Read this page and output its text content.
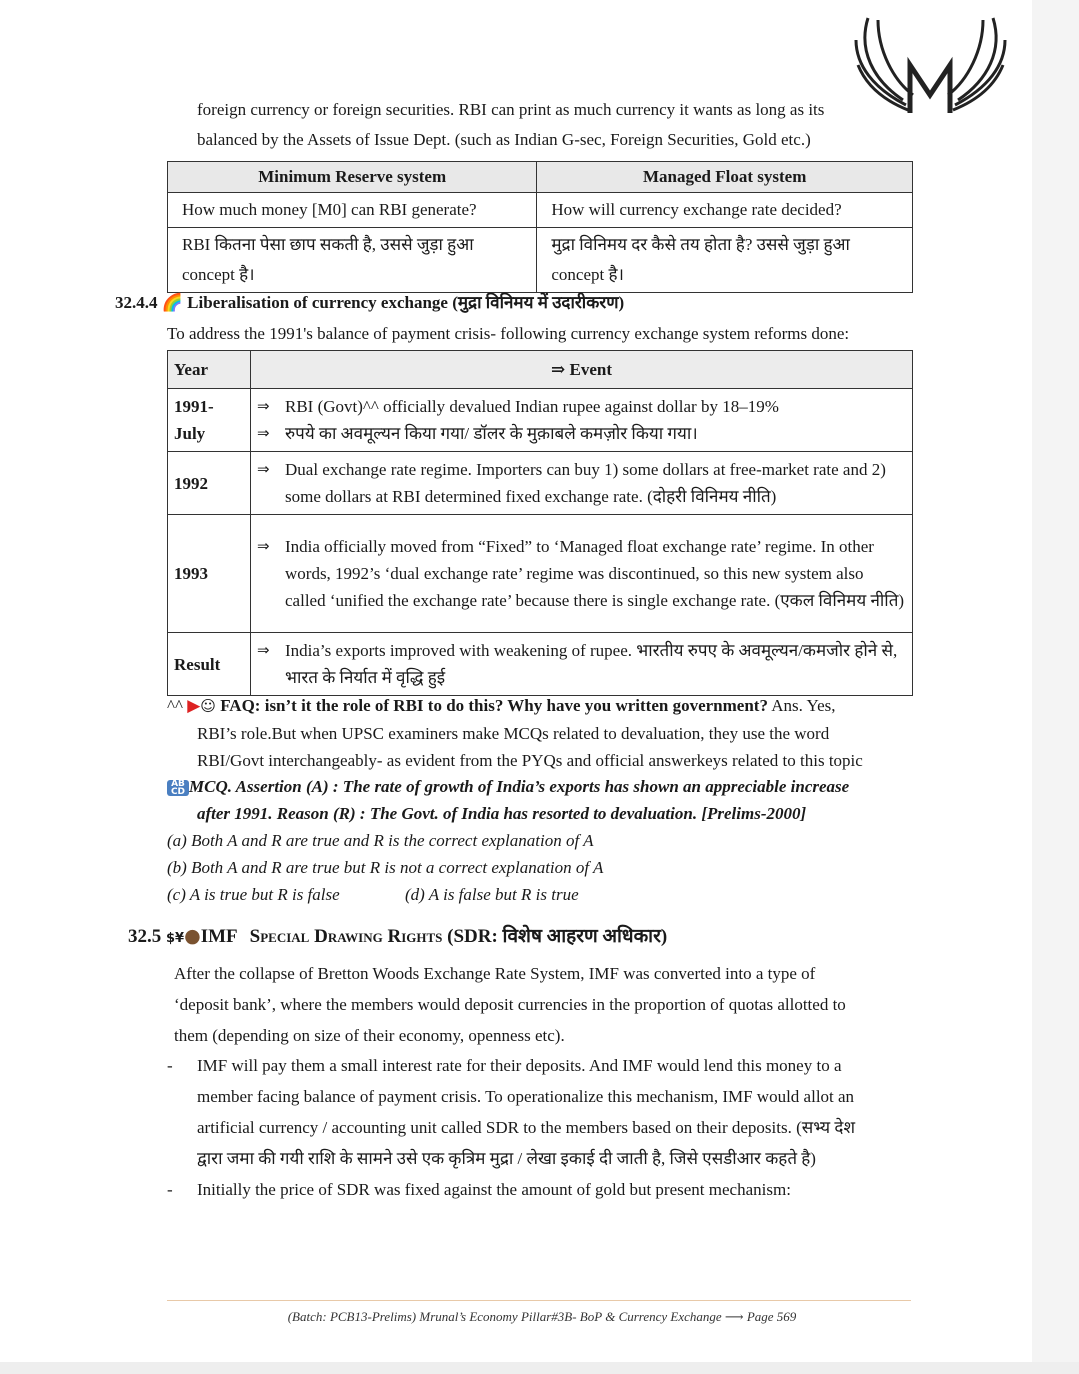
foreign currency or foreign securities. RBI can print as much currency it wants as long as its
balanced by the Assets of Issue Dept. (such as Indian G-sec, Foreign Securities, Gold etc.)
Minimum Reserve system	Managed Float system
How much money [M0] can RBI generate?	How will currency exchange rate decided?
RBI कितना पेसा छाप सकती है, उससे जुड़ा हुआ concept है।	मुद्रा विनिमय दर कैसे तय होता है? उससे जुड़ा हुआ concept है।
32.4.4 🌈 Liberalisation of currency exchange (मुद्रा विनिमय में उदारीकरण)
To address the 1991's balance of payment crisis- following currency exchange system reforms done:
Year	⇒ Event
1991-July	⇒ RBI (Govt)^^ officially devalued Indian rupee against dollar by 18–19%
⇒ रुपये का अवमूल्यन किया गया/ डॉलर के मुक़ाबले कमज़ोर किया गया।

1992	⇒ Dual exchange rate regime. Importers can buy 1) some dollars at free-market rate and 2) some dollars at RBI determined fixed exchange rate. (दोहरी विनिमय नीति)

1993	⇒ India officially moved from “Fixed” to ‘Managed float exchange rate’ regime. In other words, 1992’s ‘dual exchange rate’ regime was discontinued, so this new system also called ‘unified the exchange rate’ because there is single exchange rate. (एकल विनिमय नीति)

Result	⇒ India’s exports improved with weakening of rupee. भारतीय रुपए के अवमूल्यन/कमजोर होने से, भारत के निर्यात में वृद्धि हुई
^^ ▶☺ FAQ: isn’t it the role of RBI to do this? Why have you written government? Ans. Yes,
RBI’s role.But when UPSC examiners make MCQs related to devaluation, they use the word
RBI/Govt interchangeably- as evident from the PYQs and official answerkeys related to this topic
AB CD MCQ. Assertion (A) : The rate of growth of India’s exports has shown an appreciable increase
after 1991. Reason (R) : The Govt. of India has resorted to devaluation. [Prelims-2000]
(a) Both A and R are true and R is the correct explanation of A
(b) Both A and R are true but R is not a correct explanation of A
(c) A is true but R is false	(d) A is false but R is true
32.5 $¥●IMF Special Drawing Rights (SDR: विशेष आहरण अधिकार)
After the collapse of Bretton Woods Exchange Rate System, IMF was converted into a type of
‘deposit bank’, where the members would deposit currencies in the proportion of quotas allotted to
them (depending on size of their economy, openness etc).
- IMF will pay them a small interest rate for their deposits. And IMF would lend this money to a
member facing balance of payment crisis. To operationalize this mechanism, IMF would allot an
artificial currency / accounting unit called SDR to the members based on their deposits. (सभ्य देश
द्वारा जमा की गयी राशि के सामने उसे एक कृत्रिम मुद्रा / लेखा इकाई दी जाती है, जिसे एसडीआर कहते है)
-	Initially the price of SDR was fixed against the amount of gold but present mechanism:
(Batch: PCB13-Prelims) Mrunal’s Economy Pillar#3B- BoP & Currency Exchange ⟶ Page 569
